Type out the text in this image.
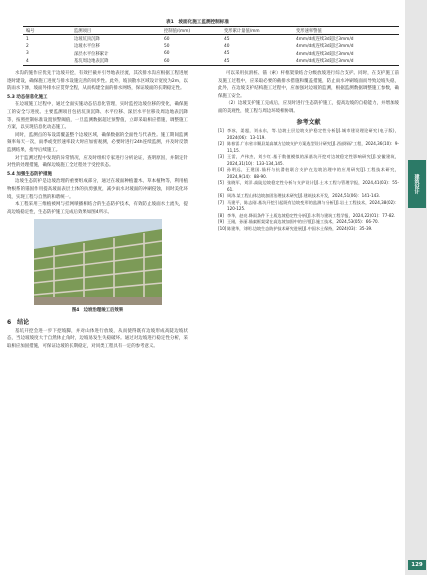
表1　坡面化施工监测控制标准
编号	监测项目	控制值/(mm)	变形累计量值/mm	变形速率警值
1	边坡坑顶沉降	60	45	4mm/d或连续3d超过3mm/d
2	边坡水平位移	50	40	4mm/d或连续3d超过3mm/d
3	深层水平位移累计	60	45	4mm/d或连续3d超过3mm/d
4	基坑周边地表沉降	60	45	4mm/d或连续3d超过3mm/d

水沟的施作应优先于边坡开挖，有效拦截并引导地表径流，其次排水沟应根据工程进展逐时建设，确保施工进度与排水设施完善的同步性。此外，坡顶散水区域设计宽度为2m，以防雨水下渗，坡面外排水应贯穿全程，从而构建全面的排水网络，保证坡面的长期稳定性。

5.3 动态信息化施工

在边坡施工过程中，通过全面实施动态信息化管理，实时监控边坡位移的变化，确保施工的安全与进度。主要监测项目包括坑顶沉降、水平位移、深层水平位移及周边地表沉降等，按照控制标准设置预警阈值，一旦监测数据超过预警值，立即采取相应措施，调整施工方案，以实现信息化动态施工。

同时，监测点的布设需覆盖整个边坡区域，确保数据的全面性与代表性。施工期间监测频率每天一次，雨季或变形速率较大时应加密观测，必要时进行24h连续监测，并及时反馈监测结果，指导后续施工。

对于监测过程中发现的异常情况，应及时组织专家进行分析论证，查明原因，并制定针对性的处理措施，确保边坡施工全过程处于受控状态。

5.4 加强生态防护措施

边坡生态防护是边坡治理的重要组成部分，通过在坡面种植灌木、草本植物等，利用植物根系的锚固作用提高坡面表层土体的抗剪强度，减少雨水对坡面的冲刷侵蚀，同时美化环境，实现工程与自然的和谐统一。

本工程采用三维植被网与挂网喷播相结合的生态防护技术，有效防止坡面水土流失，提高边坡稳定性，生态防护施工完成后效果如图4所示。

图4　边坡治理竣工后效果

6　结论

基坑开挖会进一步下挖坡脚，并对山体进行放坡，从而使得既有边坡形成高陡边坡状态，当边坡坡度大于自然休止角时，边坡易发生失稳破坏。通过对边坡进行稳定性分析，采取相应加固措施，可保证边坡的长期稳定，对同类工程具有一定的参考意义。

可以采用抗滑桩、锚（索）杆框架梁结合分级放坡进行综合支护。同时，在支护施工前及施工过程中，应采取必要的截排水措施和覆盖措施，防止雨水冲刷坡面而导致边坡失稳，此外，在边坡支护结构施工过程中，应加强对边坡的监测，根据监测数据调整施工参数，确保施工安全。

（2）边坡支护施工完成后，应及时进行生态防护施工，提高边坡的自稳能力，并增加坡面的美观性，使工程与周边环境相协调。

参考文献

[1] 李冰，姜超，刘永东，等.边坡土层边坡支护稳定性分析[J].城市建设理论研究(电子版)，2024(06)：13-119.

[2] 陈春雷.广东省丰顺县某高填方边坡支护方案选型设计研究[J].西部探矿工程，2024,36(10)：9-11,15.

[3] 王雷，卢伟杰，刘少红.基于数值模拟的深基坑开挖对边坡稳定性影响研究[J].安徽建筑，2024,31(10)：133-134,145.

[4] 孙明远，王建国.锚杆与抗滑桩联合支护在边坡治理中的应用研究[J].工程技术研究，2024,9(14)：88-90.

[5] 张晓军，刘洋.高陡边坡稳定性分析与支护设计[J].土木工程与管理学报，2024,41(03)：55-61.

[6] 周涛.某工程山体边坡加固治理技术研究[J].建筑技术开发，2024,51(06)：141-143.

[7] 马建平，陈志刚.基坑开挖引起既有边坡变形的监测与分析[J].岩土工程技术，2024,38(02)：120-125.

[8] 李华，赵亮.降雨条件下土质边坡稳定性分析[J].水利与建筑工程学报，2024,22(01)：77-82.

[9] 王刚，孙丽.锚索框架梁在高边坡加固中的应用[J].施工技术，2024,53(05)：66-70.

[10] 陈建华，刘明.边坡生态防护技术研究进展[J].中国水土保持，2024(03)：35-39.

建筑设计
129
